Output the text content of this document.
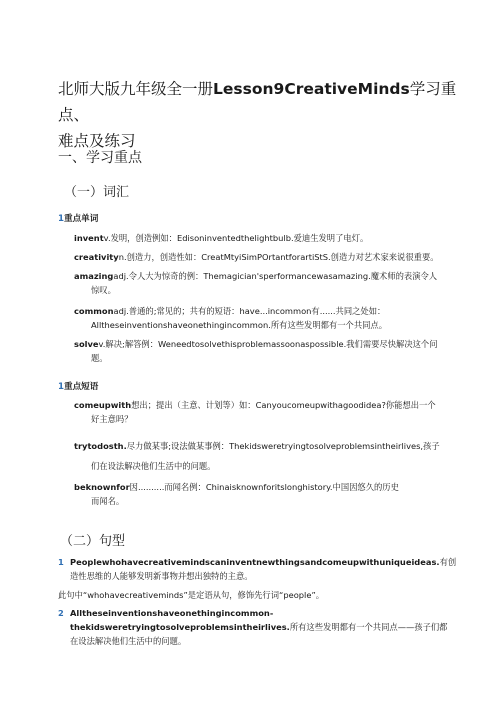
北师大版九年级全一册Lesson9CreativeMinds学习重点、
难点及练习
一、学习重点
（一）词汇
1重点单词
inventv.发明，创造例如：Edisoninventedthelightbulb.爱迪生发明了电灯。
creativityn.创造力，创造性如：CreatMtyiSimPOrtantforartiStS.创造力对艺术家来说很重要。
amazingadj.令人大为惊奇的例：Themagician'sperformancewasamazing.魔术师的表演令人
惊叹。
commonadj.普通的;常见的；共有的短语：have...incommon有......共同之处如：
Alltheseinventionshaveonethingincommon.所有这些发明都有一个共同点。
solvev.解决;解答例：Weneedtosolvethisproblemassoonaspossible.我们需要尽快解决这个问
题。
1重点短语
comeupwith想出；提出（主意、计划等）如：Canyoucomeupwithagoodidea?你能想出一个
好主意吗？
trytodosth.尽力做某事;设法做某事例：Thekidsweretryingtosolveproblemsintheirlives,孩子
们在设法解决他们生活中的问题。
beknownfor因..........而闻名例：Chinaisknownforitslonghistory.中国因悠久的历史
而闻名。
（二）句型
1 Peoplewhohavecreativemindscaninventnewthingsandcomeupwithuniqueideas.有创
造性思维的人能够发明新事物并想出独特的主意。
此句中“whohavecreativeminds”是定语从句，修饰先行词“people”。
2 Alltheseinventionshaveonethingincommon-
thekidsweretryingtosolveproblemsintheirlives.所有这些发明都有一个共同点——孩子们都
在设法解决他们生活中的问题。
